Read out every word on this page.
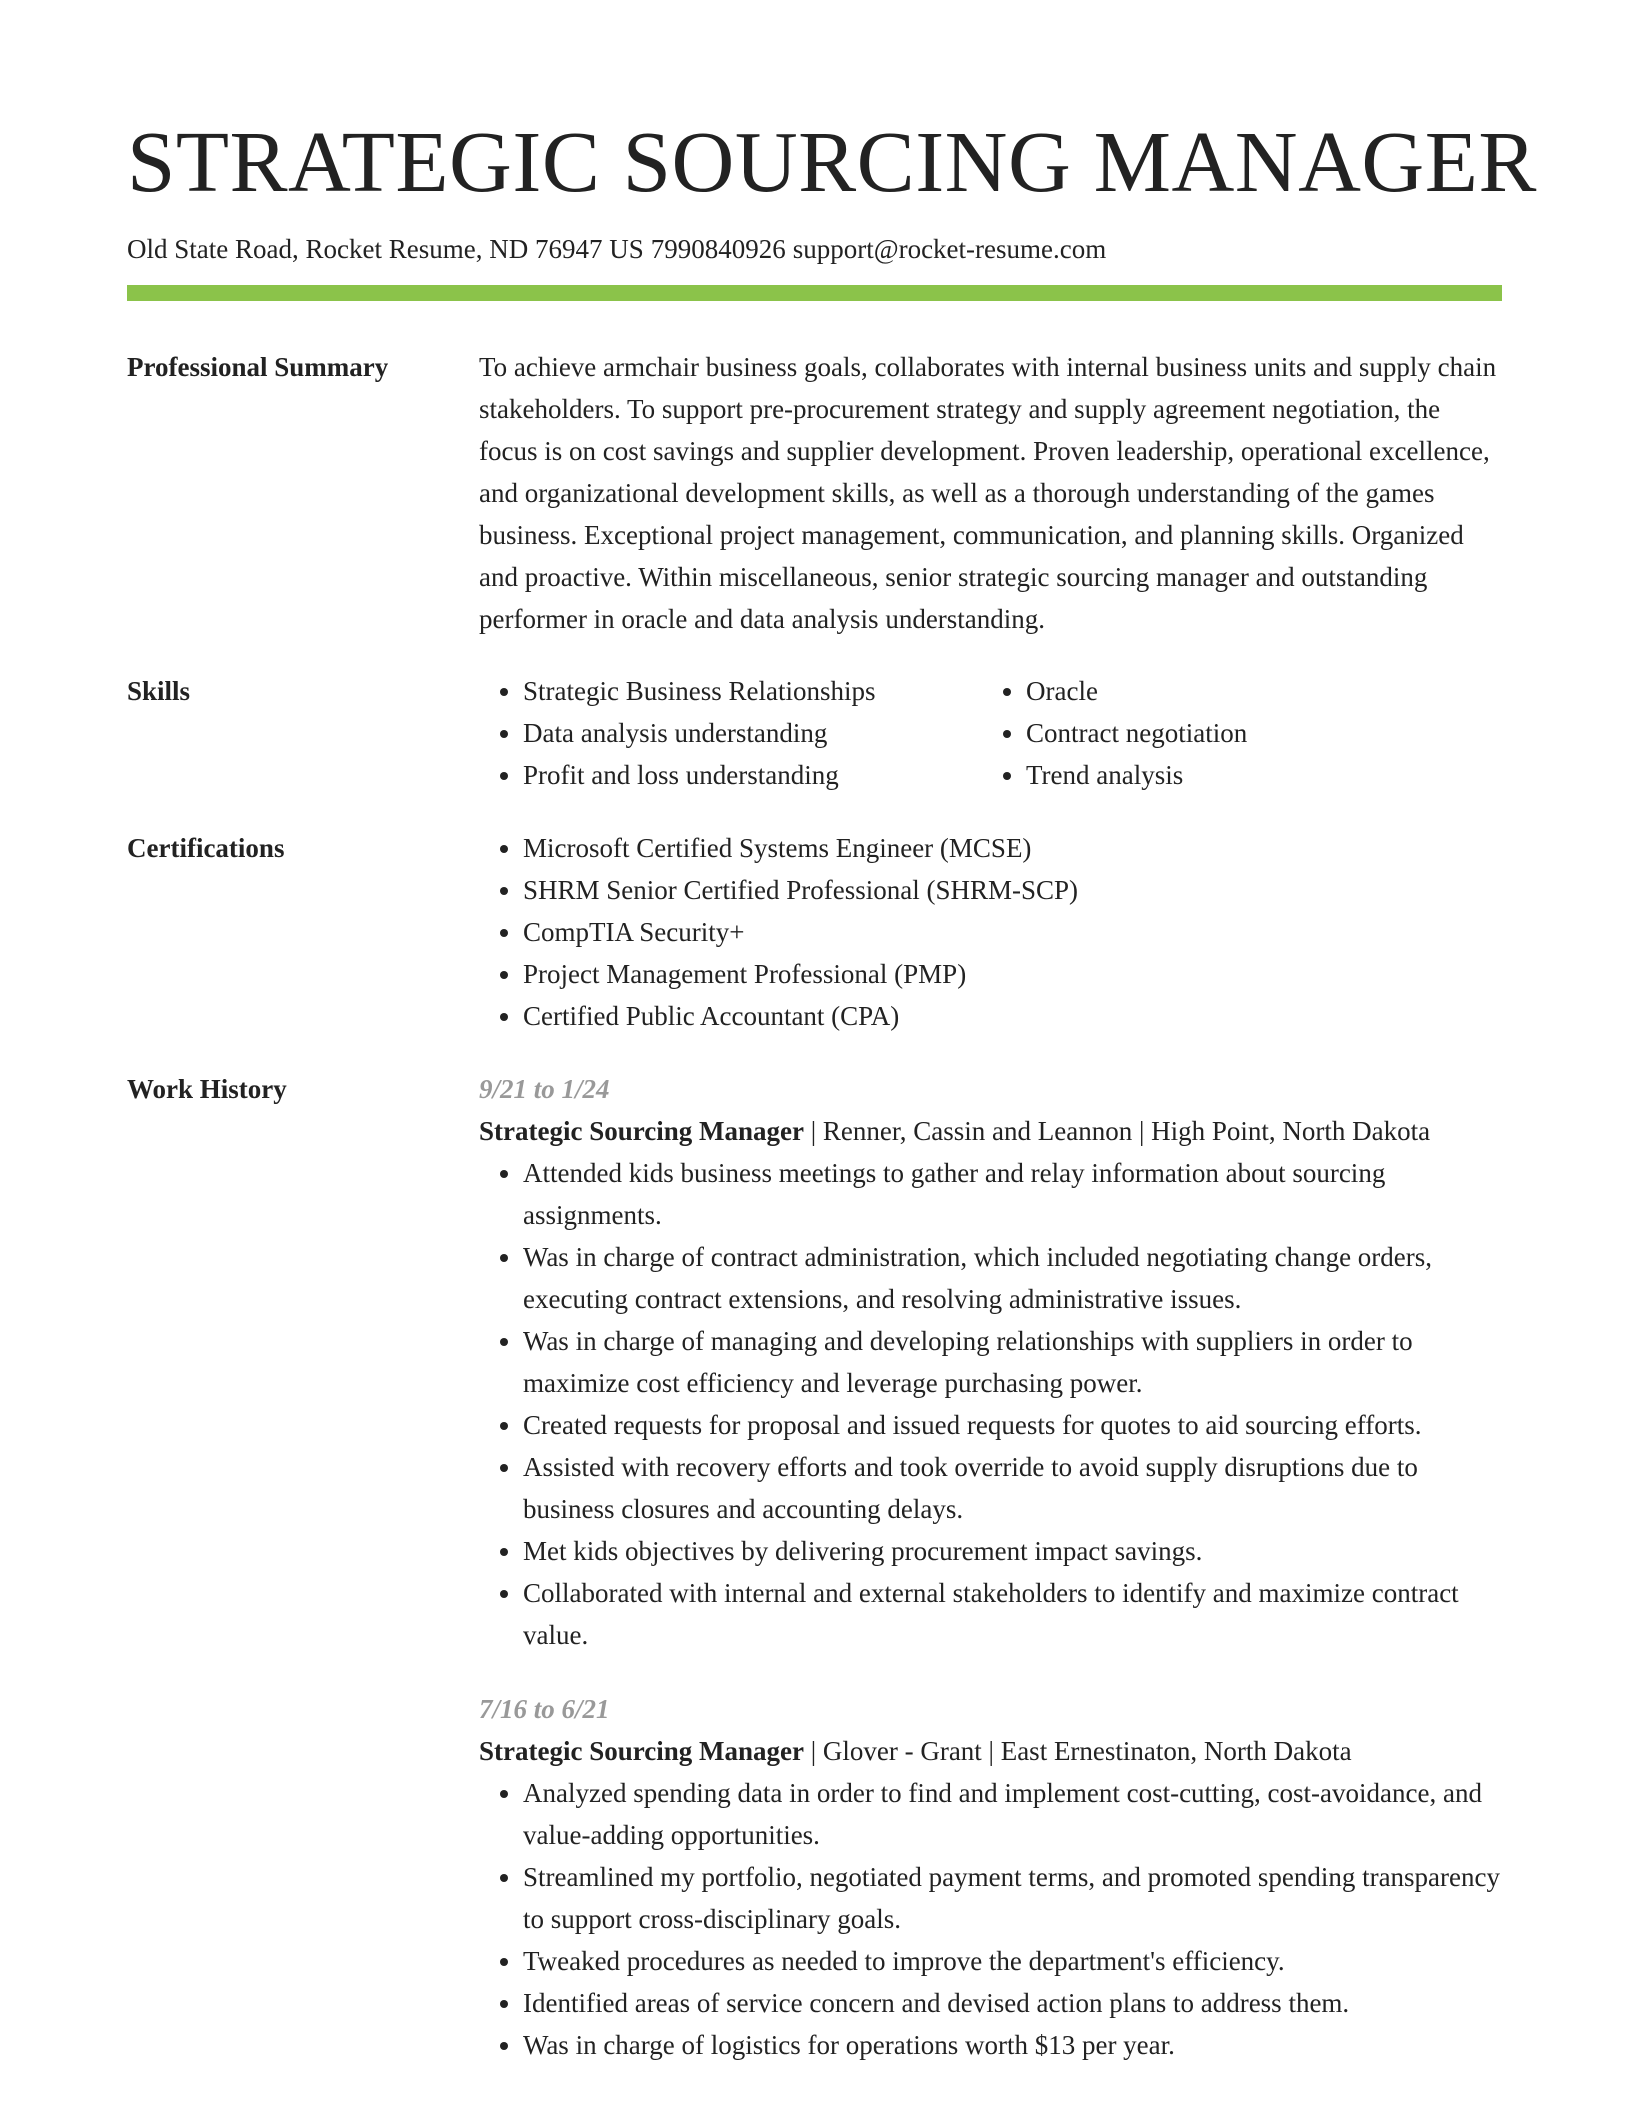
STRATEGIC SOURCING MANAGER
Old State Road, Rocket Resume, ND 76947 US 7990840926 support@rocket-resume.com
Professional Summary	To achieve armchair business goals, collaborates with internal business units and supply chain stakeholders. To support pre-procurement strategy and supply agreement negotiation, the focus is on cost savings and supplier development. Proven leadership, operational excellence, and organizational development skills, as well as a thorough understanding of the games business. Exceptional project management, communication, and planning skills. Organized and proactive. Within miscellaneous, senior strategic sourcing manager and outstanding performer in oracle and data analysis understanding.

Skills	• Strategic Business Relationships
• Data analysis understanding
• Profit and loss understanding
• Oracle
• Contract negotiation
• Trend analysis
Certifications	• Microsoft Certified Systems Engineer (MCSE)
• SHRM Senior Certified Professional (SHRM-SCP)
• CompTIA Security+
• Project Management Professional (PMP)
• Certified Public Accountant (CPA)
Work History	9/21 to 1/24
Strategic Sourcing Manager | Renner, Cassin and Leannon | High Point, North Dakota
• Attended kids business meetings to gather and relay information about sourcing assignments.
• Was in charge of contract administration, which included negotiating change orders, executing contract extensions, and resolving administrative issues.
• Was in charge of managing and developing relationships with suppliers in order to maximize cost efficiency and leverage purchasing power.
• Created requests for proposal and issued requests for quotes to aid sourcing efforts.
• Assisted with recovery efforts and took override to avoid supply disruptions due to business closures and accounting delays.
• Met kids objectives by delivering procurement impact savings.
• Collaborated with internal and external stakeholders to identify and maximize contract value.
7/16 to 6/21
Strategic Sourcing Manager | Glover - Grant | East Ernestinaton, North Dakota
• Analyzed spending data in order to find and implement cost-cutting, cost-avoidance, and value-adding opportunities.
• Streamlined my portfolio, negotiated payment terms, and promoted spending transparency to support cross-disciplinary goals.
• Tweaked procedures as needed to improve the department's efficiency.
• Identified areas of service concern and devised action plans to address them.
• Was in charge of logistics for operations worth $13 per year.
